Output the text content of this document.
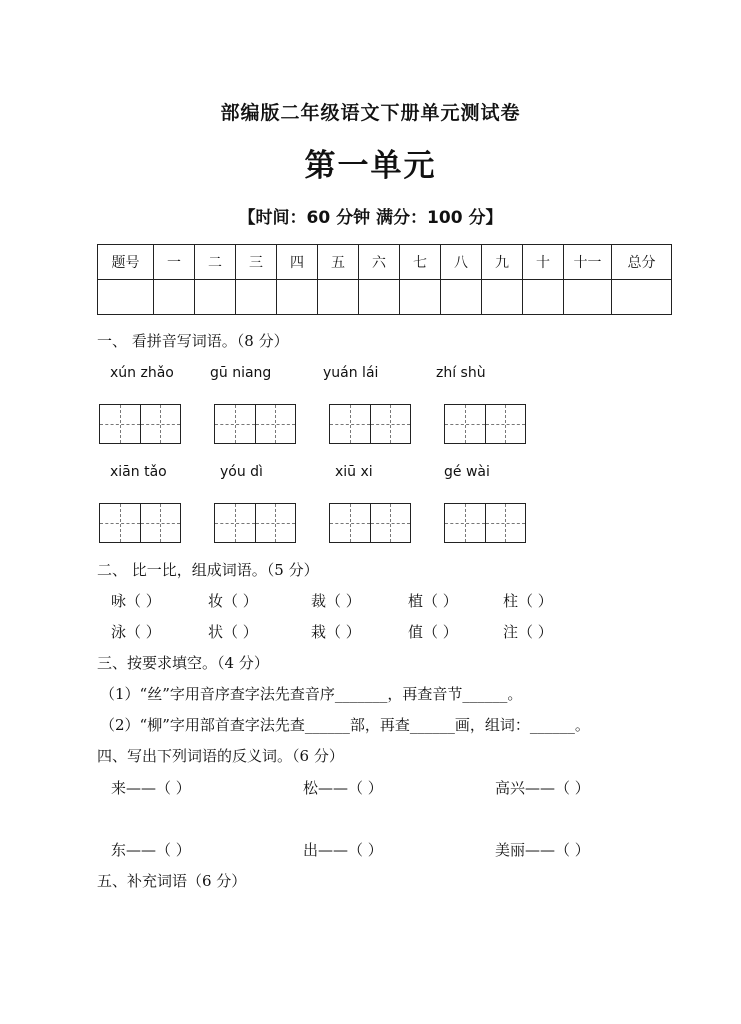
部编版二年级语文下册单元测试卷
第一单元
【时间：60 分钟 满分：100 分】
题号	一	二	三	四	五	六	七	八	九	十	十一	总分

一、 看拼音写词语。（8 分）
xún zhǎo	gū niang	yuán lái	zhí shù
xiān tǎo	yóu dì	xiū xi	gé wài
二、 比一比，组成词语。（5 分）
咏（ ）	妆（ ）	裁（ ）	植（ ）	柱（ ）
泳（ ）	状（ ）	栽（ ）	值（ ）	注（ ）
三、按要求填空。（4 分）
（1）“丝”字用音序查字法先查音序_______，再查音节______。
（2）“柳”字用部首查字法先查______部，再查______画，组词：______。
四、写出下列词语的反义词。（6 分）
来——（ ）	松——（ ）	高兴——（ ）
东——（ ）	出——（ ）	美丽——（ ）
五、补充词语（6 分）
